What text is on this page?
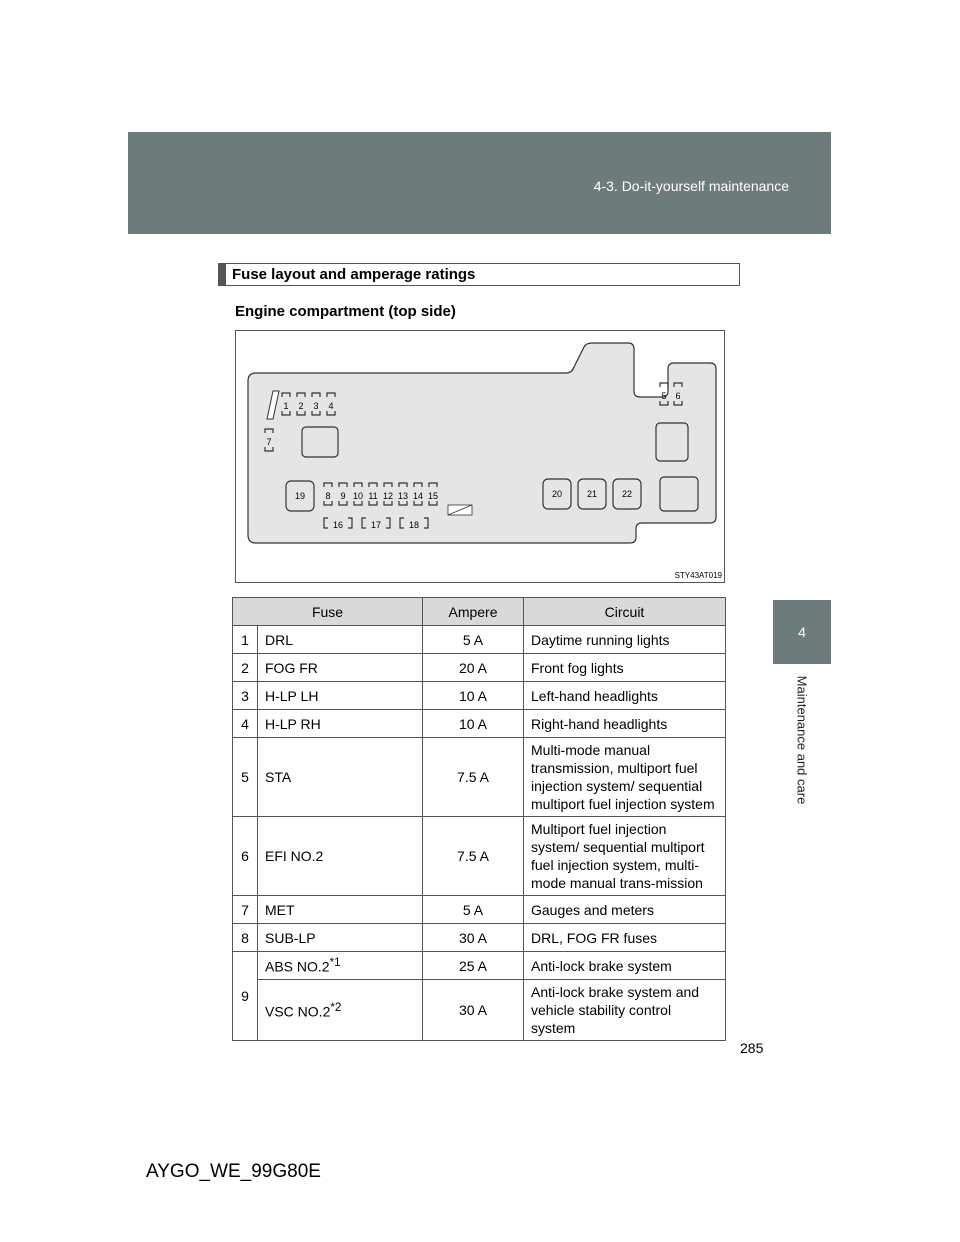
4-3. Do-it-yourself maintenance
4
Maintenance and care
Fuse layout and amperage ratings
Engine compartment (top side)
1 2 3 4
5 6
7
8 9 10 11 12 13 14 15
16	17	18
19	20	21	22
STY43AT019
Fuse		Ampere	Circuit
1	DRL	5 A	Daytime running lights
2	FOG FR	20 A	Front fog lights
3	H-LP LH	10 A	Left-hand headlights
4	H-LP RH	10 A	Right-hand headlights
5	STA	7.5 A	Multi-mode manual transmission, multiport fuel injection system/ sequential multiport fuel injection system
6	EFI NO.2	7.5 A	Multiport fuel injection system/ sequential multiport fuel injection system, multi-mode manual trans-mission
7	MET	5 A	Gauges and meters
8	SUB-LP	30 A	DRL, FOG FR fuses
9	ABS NO.2$^{*1}$	25 A	Anti-lock brake system
	VSC NO.2$^{*2}$	30 A	Anti-lock brake system and vehicle stability control system
285
AYGO_WE_99G80E
